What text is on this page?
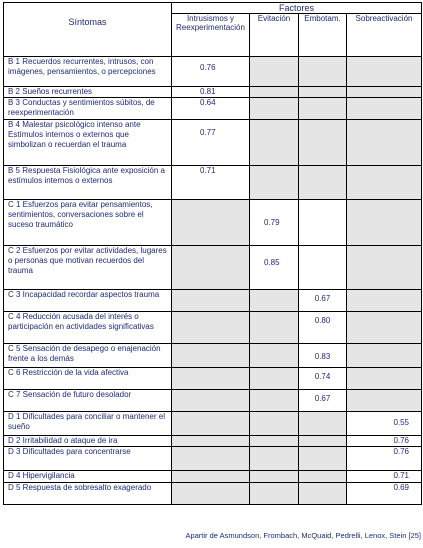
Síntomas	Factores			
	Intrusismos y Reexperimentación	Evitación	Embotam.	Sobreactivación
B 1 Recuerdos recurrentes, intrusos, con imágenes, pensamientos, o percepciones	0.76			

B 2 Sueños recurrentes	0.81			

B 3 Conductas y sentimientos súbitos, de reexperimentación	0.64			

B 4 Malestar psicológico intenso ante Estímulos internos o externos que simbolizan o recuerdan el trauma	0.77			

B 5 Respuesta Fisiológica ante exposición a estímulos internos o externos	0.71			

C 1 Esfuerzos para evitar pensamientos, sentimientos, conversaciones sobre el suceso traumático		0.79		

C 2 Esfuerzos por evitar actividades, lugares o personas que motivan recuerdos del trauma		0.85		

C 3 Incapacidad recordar aspectos trauma			0.67	

C 4 Reducción acusada del interés o participación en actividades significativas			0.80	

C 5 Sensación de desapego o enajenación frente a los demás			0.83	

C 6 Restricción de la vida afectiva			0.74	

C 7 Sensación de futuro desolador			0.67	

D 1 Dificultades para conciliar o mantener el sueño				0.55

D 2 Irritabilidad o ataque de ira				0.76

D 3 Dificultades para concentrarse				0.76

D 4 Hipervigilancia				0.71

D 5 Respuesta de sobresalto exagerado				0.69
Apartir de Asmundson, Frombach, McQuaid, Pedrelli, Lenox, Stein [25]
